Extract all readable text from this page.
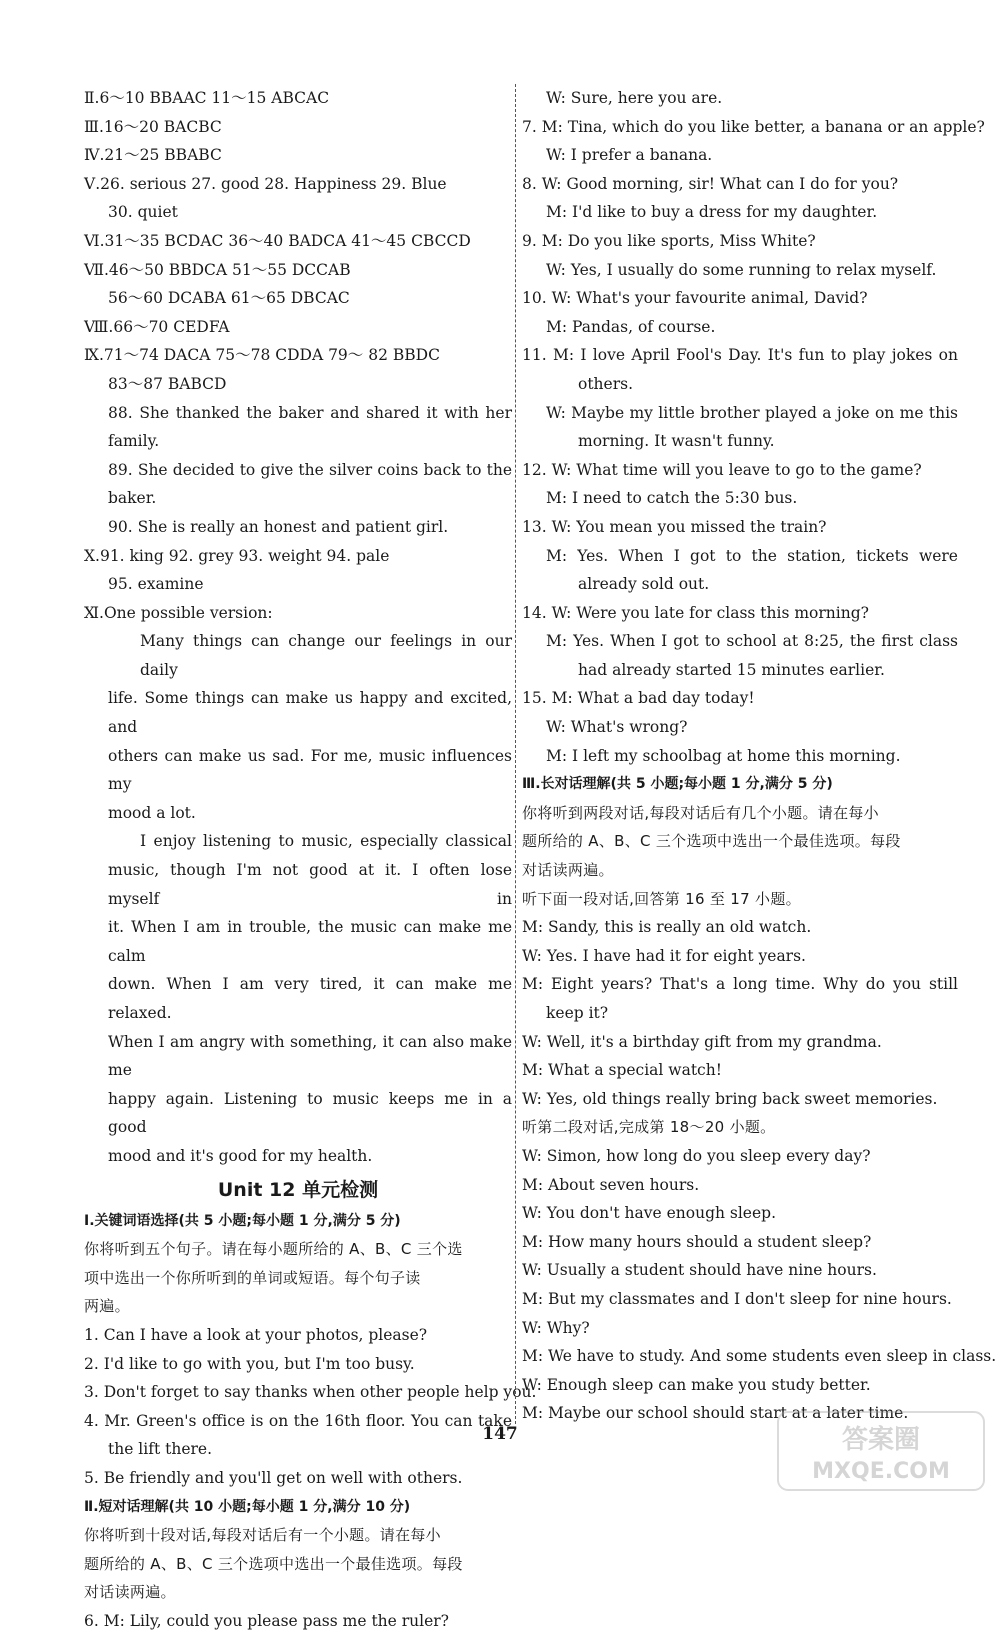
Ⅱ.6～10 BBAAC 11～15 ABCAC
Ⅲ.16～20 BACBC
Ⅳ.21～25 BBABC
Ⅴ.26. serious 27. good 28. Happiness 29. Blue
30. quiet
Ⅵ.31～35 BCDAC 36～40 BADCA 41～45 CBCCD
Ⅶ.46～50 BBDCA 51～55 DCCAB
56～60 DCABA 61～65 DBCAC
Ⅷ.66～70 CEDFA
Ⅸ.71～74 DACA 75～78 CDDA 79～ 82 BBDC
83～87 BABCD
88. She thanked the baker and shared it with her
family.
89. She decided to give the silver coins back to the
baker.
90. She is really an honest and patient girl.
Ⅹ.91. king 92. grey 93. weight 94. pale
95. examine
Ⅺ.One possible version:
Many things can change our feelings in our daily
life. Some things can make us happy and excited, and
others can make us sad. For me, music influences my
mood a lot.
I enjoy listening to music, especially classical
music, though I'm not good at it. I often lose myself in
it. When I am in trouble, the music can make me calm
down. When I am very tired, it can make me relaxed.
When I am angry with something, it can also make me
happy again. Listening to music keeps me in a good
mood and it's good for my health.
Unit 12 单元检测
Ⅰ.关键词语选择(共 5 小题;每小题 1 分,满分 5 分)
你将听到五个句子。请在每小题所给的 A、B、C 三个选
项中选出一个你所听到的单词或短语。每个句子读
两遍。
1. Can I have a look at your photos, please?
2. I'd like to go with you, but I'm too busy.
3. Don't forget to say thanks when other people help you.
4. Mr. Green's office is on the 16th floor. You can take
the lift there.
5. Be friendly and you'll get on well with others.
Ⅱ.短对话理解(共 10 小题;每小题 1 分,满分 10 分)
你将听到十段对话,每段对话后有一个小题。请在每小
题所给的 A、B、C 三个选项中选出一个最佳选项。每段
对话读两遍。
6. M: Lily, could you please pass me the ruler?
W: Sure, here you are.
7. M: Tina, which do you like better, a banana or an apple?
W: I prefer a banana.
8. W: Good morning, sir! What can I do for you?
M: I'd like to buy a dress for my daughter.
9. M: Do you like sports, Miss White?
W: Yes, I usually do some running to relax myself.
10. W: What's your favourite animal, David?
M: Pandas, of course.
11. M: I love April Fool's Day. It's fun to play jokes on
others.
W: Maybe my little brother played a joke on me this
morning. It wasn't funny.
12. W: What time will you leave to go to the game?
M: I need to catch the 5:30 bus.
13. W: You mean you missed the train?
M: Yes. When I got to the station, tickets were
already sold out.
14. W: Were you late for class this morning?
M: Yes. When I got to school at 8:25, the first class
had already started 15 minutes earlier.
15. M: What a bad day today!
W: What's wrong?
M: I left my schoolbag at home this morning.
Ⅲ.长对话理解(共 5 小题;每小题 1 分,满分 5 分)
你将听到两段对话,每段对话后有几个小题。请在每小
题所给的 A、B、C 三个选项中选出一个最佳选项。每段
对话读两遍。
听下面一段对话,回答第 16 至 17 小题。
M: Sandy, this is really an old watch.
W: Yes. I have had it for eight years.
M: Eight years? That's a long time. Why do you still
keep it?
W: Well, it's a birthday gift from my grandma.
M: What a special watch!
W: Yes, old things really bring back sweet memories.
听第二段对话,完成第 18～20 小题。
W: Simon, how long do you sleep every day?
M: About seven hours.
W: You don't have enough sleep.
M: How many hours should a student sleep?
W: Usually a student should have nine hours.
M: But my classmates and I don't sleep for nine hours.
W: Why?
M: We have to study. And some students even sleep in class.
W: Enough sleep can make you study better.
M: Maybe our school should start at a later time.
147	答案圈
MXQE.COM
